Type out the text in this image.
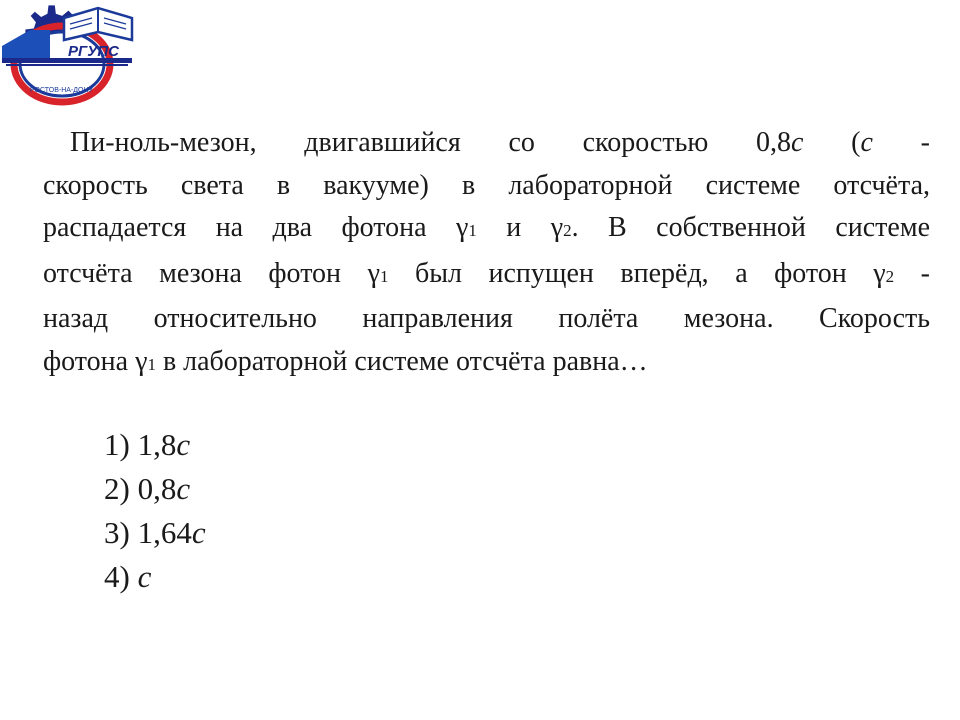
РГУПС
РОСТОВ-НА-ДОНУ
Пи-ноль-мезон, двигавшийся со скоростью 0,8c (c -
скорость света в вакууме) в лабораторной системе отсчёта,
распадается на два фотона γ1 и γ2. В собственной системе
отсчёта мезона фотон γ1 был испущен вперёд, а фотон γ2 -
назад относительно направления полёта мезона. Скорость
фотона γ1 в лабораторной системе отсчёта равна…
1) 1,8c
2) 0,8c
3) 1,64c
4) c
